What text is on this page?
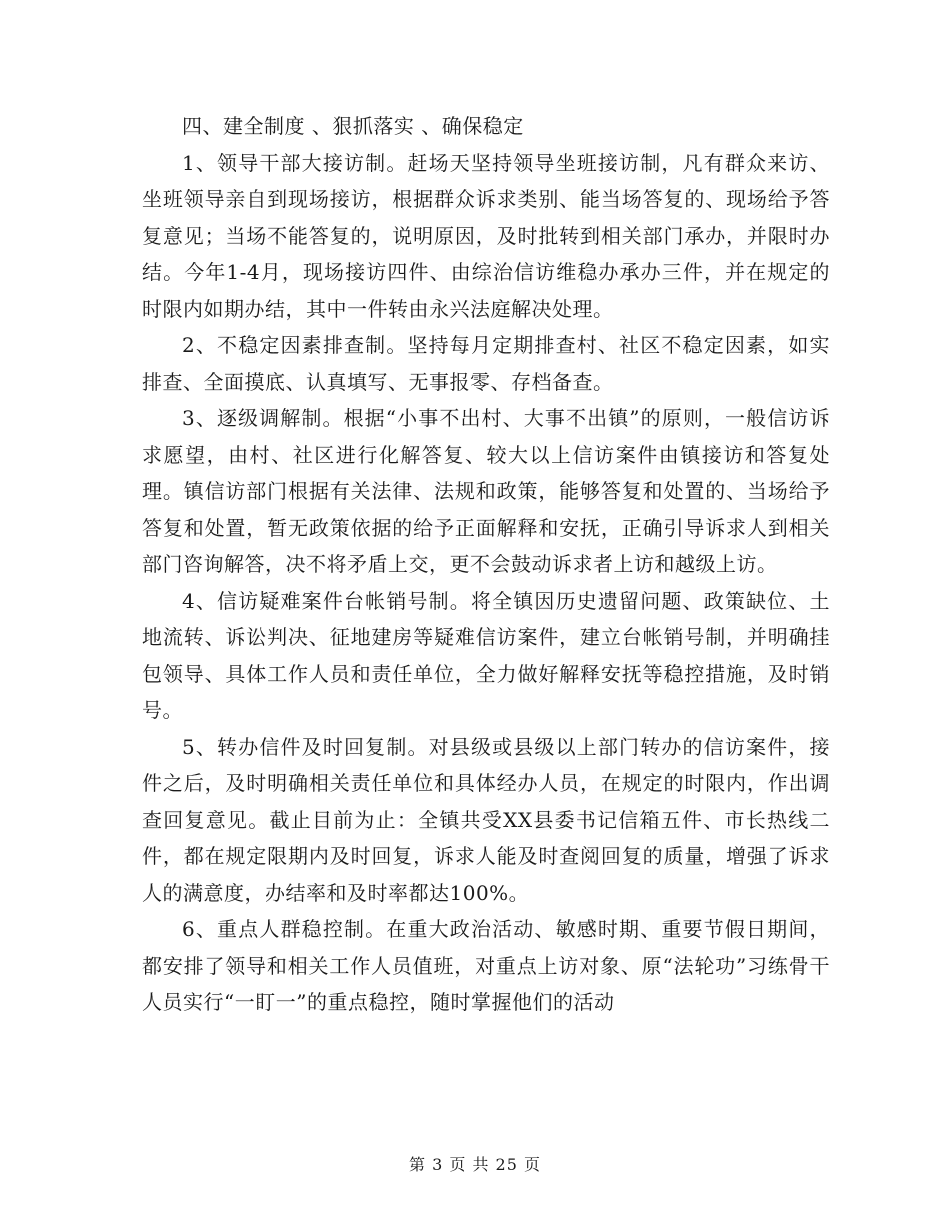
四、建全制度 、狠抓落实 、确保稳定

1、领导干部大接访制。赶场天坚持领导坐班接访制，凡有群众来访、坐班领导亲自到现场接访，根据群众诉求类别、能当场答复的、现场给予答复意见；当场不能答复的，说明原因，及时批转到相关部门承办，并限时办结。今年1-4月，现场接访四件、由综治信访维稳办承办三件，并在规定的时限内如期办结，其中一件转由永兴法庭解决处理。

2、不稳定因素排查制。坚持每月定期排查村、社区不稳定因素，如实排查、全面摸底、认真填写、无事报零、存档备查。

3、逐级调解制。根据“小事不出村、大事不出镇”的原则，一般信访诉求愿望，由村、社区进行化解答复、较大以上信访案件由镇接访和答复处理。镇信访部门根据有关法律、法规和政策，能够答复和处置的、当场给予答复和处置，暂无政策依据的给予正面解释和安抚，正确引导诉求人到相关部门咨询解答，决不将矛盾上交，更不会鼓动诉求者上访和越级上访。

4、信访疑难案件台帐销号制。将全镇因历史遗留问题、政策缺位、土地流转、诉讼判决、征地建房等疑难信访案件，建立台帐销号制，并明确挂包领导、具体工作人员和责任单位，全力做好解释安抚等稳控措施，及时销号。

5、转办信件及时回复制。对县级或县级以上部门转办的信访案件，接件之后，及时明确相关责任单位和具体经办人员，在规定的时限内，作出调查回复意见。截止目前为止：全镇共受XX县委书记信箱五件、市长热线二件，都在规定限期内及时回复，诉求人能及时查阅回复的质量，增强了诉求人的满意度，办结率和及时率都达100%。

6、重点人群稳控制。在重大政治活动、敏感时期、重要节假日期间，都安排了领导和相关工作人员值班，对重点上访对象、原“法轮功”习练骨干人员实行“一盯一”的重点稳控，随时掌握他们的活动

第 3 页 共 25 页
